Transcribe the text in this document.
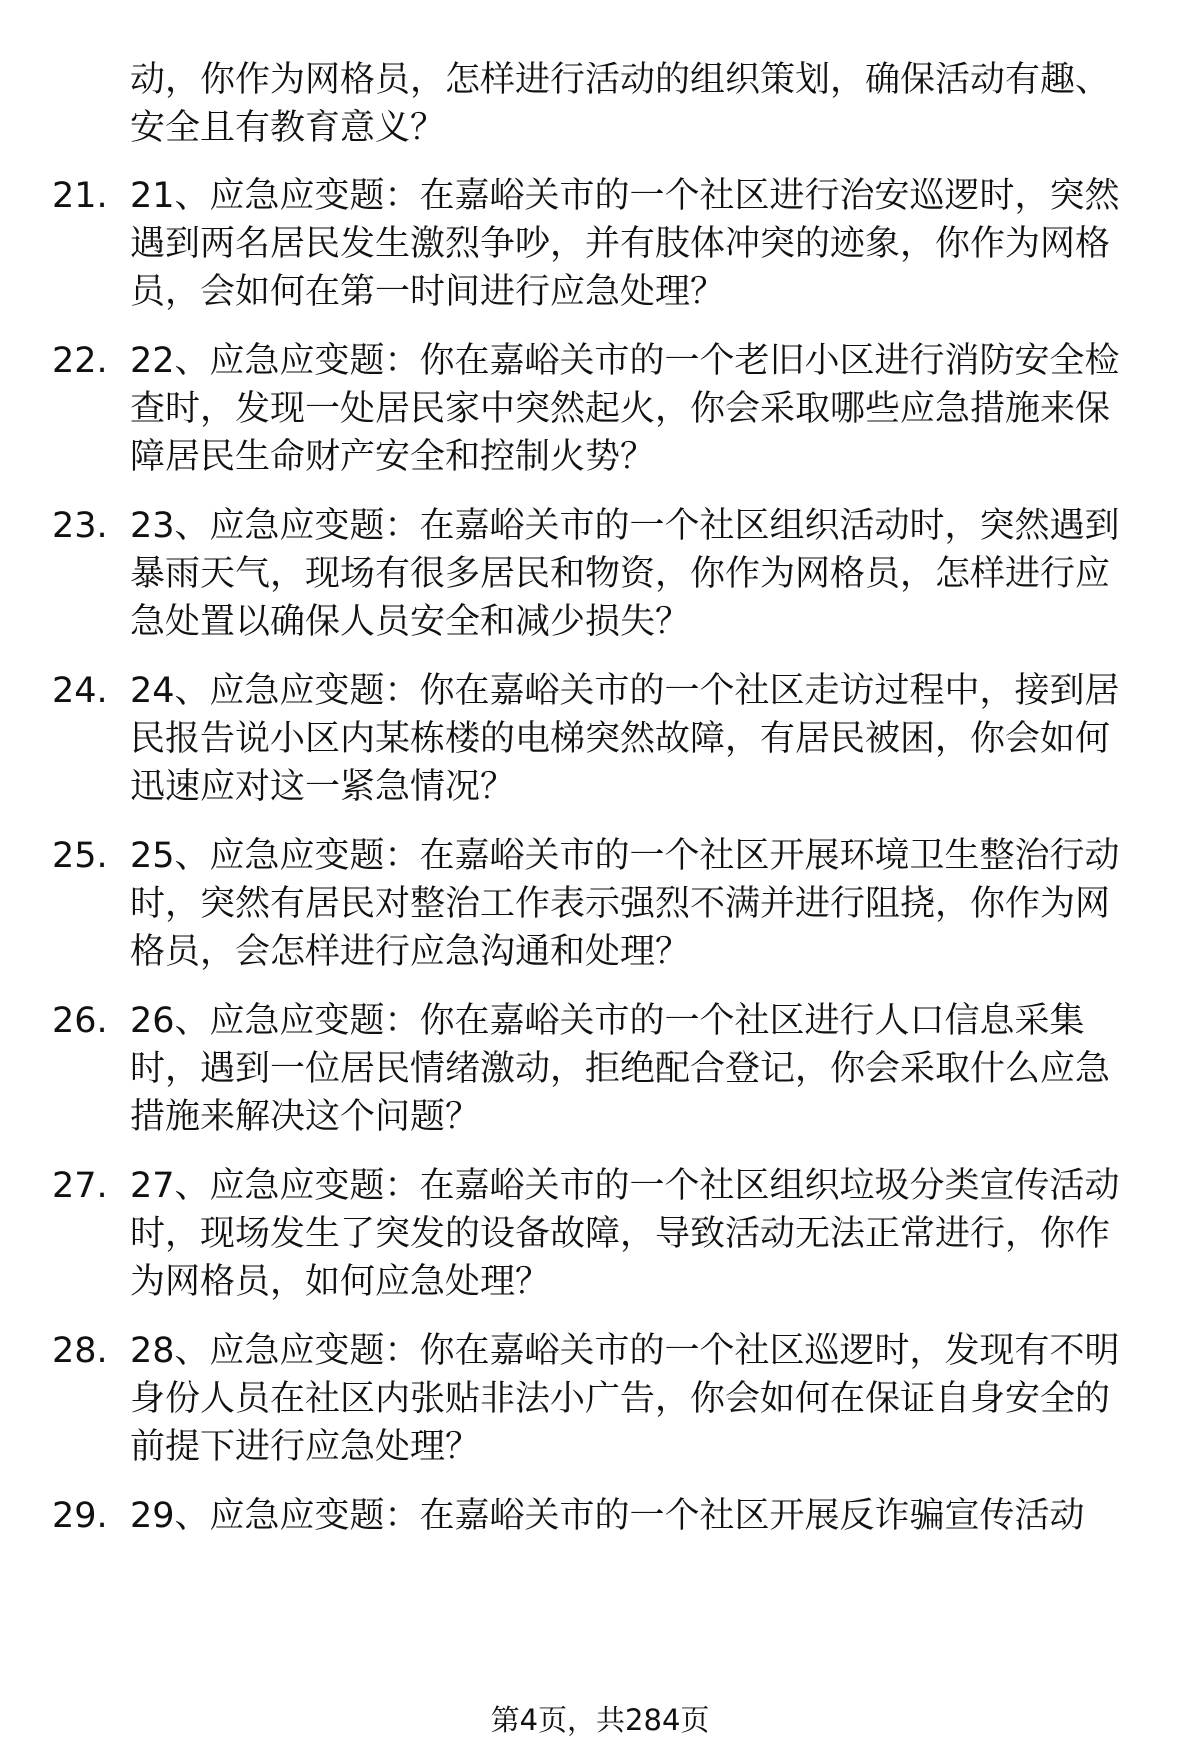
动，你作为网格员，怎样进行活动的组织策划，确保活动有趣、安全且有教育意义？
21. 21、应急应变题：在嘉峪关市的一个社区进行治安巡逻时，突然遇到两名居民发生激烈争吵，并有肢体冲突的迹象，你作为网格员，会如何在第一时间进行应急处理？
22. 22、应急应变题：你在嘉峪关市的一个老旧小区进行消防安全检查时，发现一处居民家中突然起火，你会采取哪些应急措施来保障居民生命财产安全和控制火势？
23. 23、应急应变题：在嘉峪关市的一个社区组织活动时，突然遇到暴雨天气，现场有很多居民和物资，你作为网格员，怎样进行应急处置以确保人员安全和减少损失？
24. 24、应急应变题：你在嘉峪关市的一个社区走访过程中，接到居民报告说小区内某栋楼的电梯突然故障，有居民被困，你会如何迅速应对这一紧急情况？
25. 25、应急应变题：在嘉峪关市的一个社区开展环境卫生整治行动时，突然有居民对整治工作表示强烈不满并进行阻挠，你作为网格员，会怎样进行应急沟通和处理？
26. 26、应急应变题：你在嘉峪关市的一个社区进行人口信息采集时，遇到一位居民情绪激动，拒绝配合登记，你会采取什么应急措施来解决这个问题？
27. 27、应急应变题：在嘉峪关市的一个社区组织垃圾分类宣传活动时，现场发生了突发的设备故障，导致活动无法正常进行，你作为网格员，如何应急处理？
28. 28、应急应变题：你在嘉峪关市的一个社区巡逻时，发现有不明身份人员在社区内张贴非法小广告，你会如何在保证自身安全的前提下进行应急处理？
29. 29、应急应变题：在嘉峪关市的一个社区开展反诈骗宣传活动
第4页，共284页
